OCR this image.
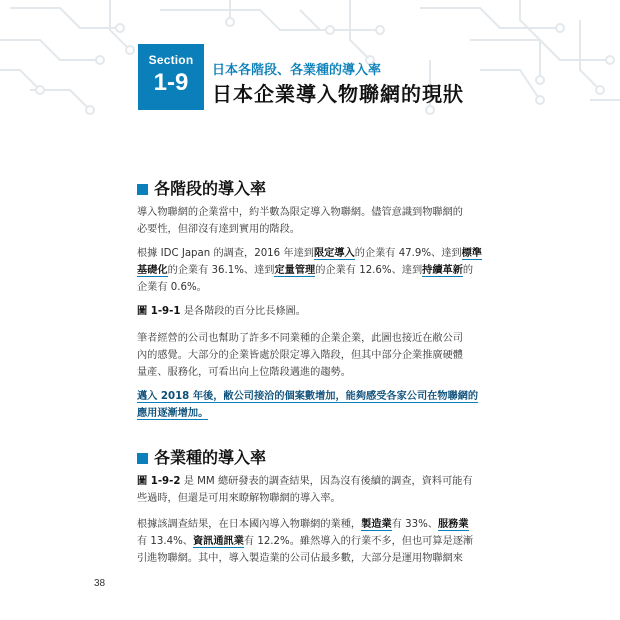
Section
1-9	日本各階段、各業種的導入率
日本企業導入物聯網的現狀
各階段的導入率
導入物聯網的企業當中，約半數為限定導入物聯網。儘管意識到物聯網的
必要性，但卻沒有達到實用的階段。
根據 IDC Japan 的調查，2016 年達到限定導入的企業有 47.9%、達到標準
基礎化的企業有 36.1%、達到定量管理的企業有 12.6%、達到持續革新的
企業有 0.6%。
圖 1-9-1 是各階段的百分比長條圖。
筆者經營的公司也幫助了許多不同業種的企業企業，此圖也接近在敝公司
內的感覺。大部分的企業皆處於限定導入階段，但其中部分企業推廣硬體
量產、服務化，可看出向上位階段邁進的趨勢。
邁入 2018 年後，敝公司接洽的個案數增加，能夠感受各家公司在物聯網的
應用逐漸增加。
各業種的導入率
圖 1-9-2 是 MM 總研發表的調查結果，因為沒有後續的調查，資料可能有
些過時，但還是可用來瞭解物聯網的導入率。
根據該調查結果，在日本國內導入物聯網的業種，製造業有 33%、服務業
有 13.4%、資訊通訊業有 12.2%。雖然導入的行業不多，但也可算是逐漸
引進物聯網。其中，導入製造業的公司佔最多數，大部分是運用物聯網來
38
